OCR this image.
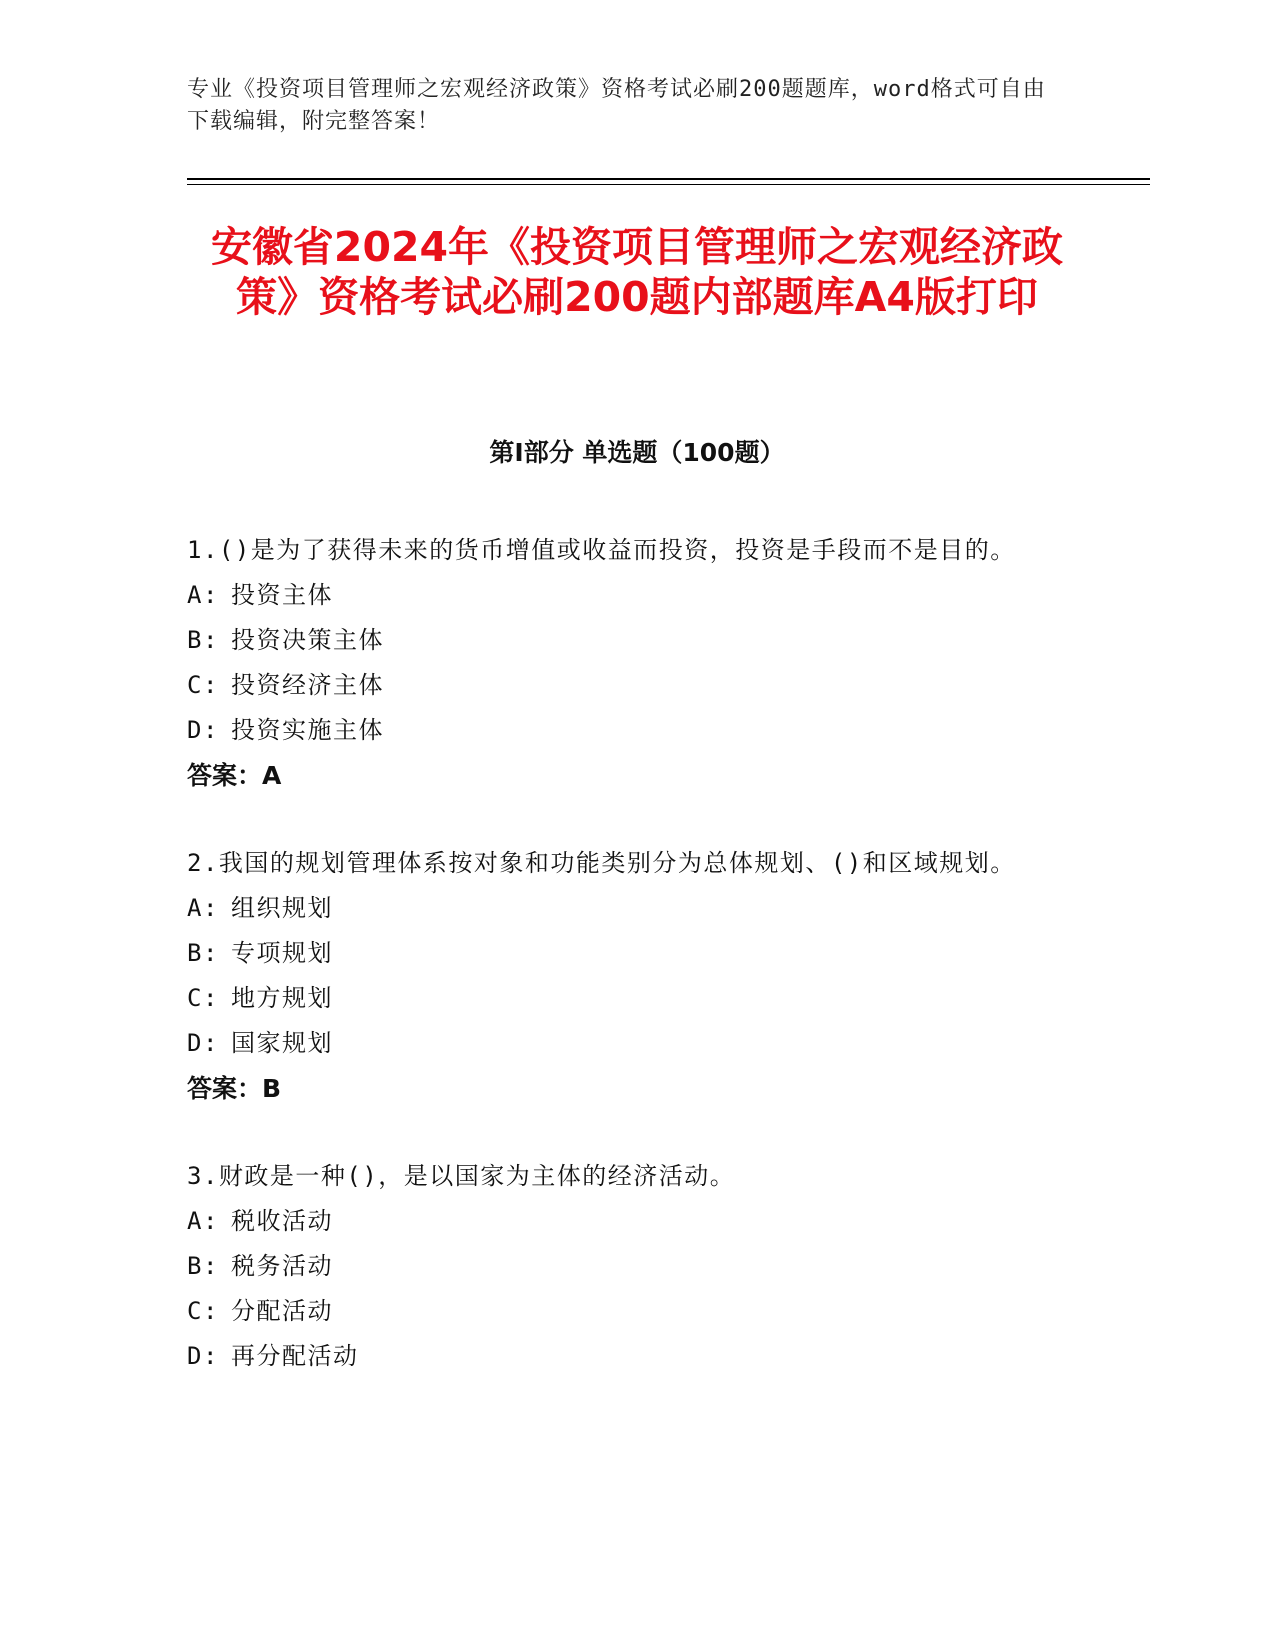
专业《投资项目管理师之宏观经济政策》资格考试必刷200题题库，word格式可自由下载编辑，附完整答案！
安徽省2024年《投资项目管理师之宏观经济政策》资格考试必刷200题内部题库A4版打印
第I部分 单选题（100题）
1.()是为了获得未来的货币增值或收益而投资，投资是手段而不是目的。
A: 投资主体
B: 投资决策主体
C: 投资经济主体
D: 投资实施主体
答案：A
2.我国的规划管理体系按对象和功能类别分为总体规划、()和区域规划。
A: 组织规划
B: 专项规划
C: 地方规划
D: 国家规划
答案：B
3.财政是一种()，是以国家为主体的经济活动。
A: 税收活动
B: 税务活动
C: 分配活动
D: 再分配活动
